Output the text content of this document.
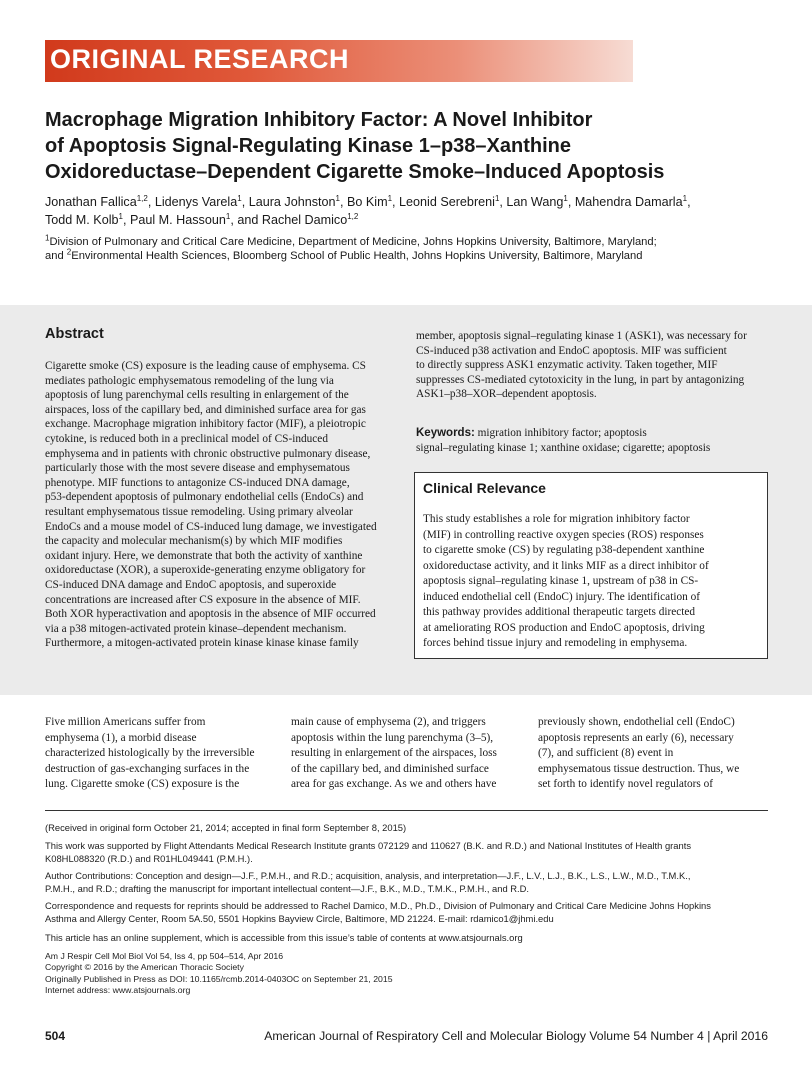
ORIGINAL RESEARCH
Macrophage Migration Inhibitory Factor: A Novel Inhibitor
of Apoptosis Signal-Regulating Kinase 1–p38–Xanthine
Oxidoreductase–Dependent Cigarette Smoke–Induced Apoptosis
Jonathan Fallica$^{1,2}$, Lidenys Varela$^1$, Laura Johnston$^1$, Bo Kim$^1$, Leonid Serebreni$^1$, Lan Wang$^1$, Mahendra Damarla$^1$,
Todd M. Kolb$^1$, Paul M. Hassoun$^1$, and Rachel Damico$^{1,2}$
$^1$Division of Pulmonary and Critical Care Medicine, Department of Medicine, Johns Hopkins University, Baltimore, Maryland;
and $^2$Environmental Health Sciences, Bloomberg School of Public Health, Johns Hopkins University, Baltimore, Maryland
Abstract
Cigarette smoke (CS) exposure is the leading cause of emphysema. CS
mediates pathologic emphysematous remodeling of the lung via
apoptosis of lung parenchymal cells resulting in enlargement of the
airspaces, loss of the capillary bed, and diminished surface area for gas
exchange. Macrophage migration inhibitory factor (MIF), a pleiotropic
cytokine, is reduced both in a preclinical model of CS-induced
emphysema and in patients with chronic obstructive pulmonary disease,
particularly those with the most severe disease and emphysematous
phenotype. MIF functions to antagonize CS-induced DNA damage,
p53-dependent apoptosis of pulmonary endothelial cells (EndoCs) and
resultant emphysematous tissue remodeling. Using primary alveolar
EndoCs and a mouse model of CS-induced lung damage, we investigated
the capacity and molecular mechanism(s) by which MIF modifies
oxidant injury. Here, we demonstrate that both the activity of xanthine
oxidoreductase (XOR), a superoxide-generating enzyme obligatory for
CS-induced DNA damage and EndoC apoptosis, and superoxide
concentrations are increased after CS exposure in the absence of MIF.
Both XOR hyperactivation and apoptosis in the absence of MIF occurred
via a p38 mitogen-activated protein kinase–dependent mechanism.
Furthermore, a mitogen-activated protein kinase kinase kinase family
member, apoptosis signal–regulating kinase 1 (ASK1), was necessary for
CS-induced p38 activation and EndoC apoptosis. MIF was sufficient
to directly suppress ASK1 enzymatic activity. Taken together, MIF
suppresses CS-mediated cytotoxicity in the lung, in part by antagonizing
ASK1–p38–XOR–dependent apoptosis.
Keywords: migration inhibitory factor; apoptosis
signal–regulating kinase 1; xanthine oxidase; cigarette; apoptosis
Clinical Relevance
This study establishes a role for migration inhibitory factor
(MIF) in controlling reactive oxygen species (ROS) responses
to cigarette smoke (CS) by regulating p38-dependent xanthine
oxidoreductase activity, and it links MIF as a direct inhibitor of
apoptosis signal–regulating kinase 1, upstream of p38 in CS-
induced endothelial cell (EndoC) injury. The identification of
this pathway provides additional therapeutic targets directed
at ameliorating ROS production and EndoC apoptosis, driving
forces behind tissue injury and remodeling in emphysema.
Five million Americans suffer from
emphysema (1), a morbid disease
characterized histologically by the irreversible
destruction of gas-exchanging surfaces in the
lung. Cigarette smoke (CS) exposure is the
main cause of emphysema (2), and triggers
apoptosis within the lung parenchyma (3–5),
resulting in enlargement of the airspaces, loss
of the capillary bed, and diminished surface
area for gas exchange. As we and others have
previously shown, endothelial cell (EndoC)
apoptosis represents an early (6), necessary
(7), and sufficient (8) event in
emphysematous tissue destruction. Thus, we
set forth to identify novel regulators of
(Received in original form October 21, 2014; accepted in final form September 8, 2015)
This work was supported by Flight Attendants Medical Research Institute grants 072129 and 110627 (B.K. and R.D.) and National Institutes of Health grants
K08HL088320 (R.D.) and R01HL049441 (P.M.H.).
Author Contributions: Conception and design—J.F., P.M.H., and R.D.; acquisition, analysis, and interpretation—J.F., L.V., L.J., B.K., L.S., L.W., M.D., T.M.K.,
P.M.H., and R.D.; drafting the manuscript for important intellectual content—J.F., B.K., M.D., T.M.K., P.M.H., and R.D.
Correspondence and requests for reprints should be addressed to Rachel Damico, M.D., Ph.D., Division of Pulmonary and Critical Care Medicine Johns Hopkins
Asthma and Allergy Center, Room 5A.50, 5501 Hopkins Bayview Circle, Baltimore, MD 21224. E-mail: rdamico1@jhmi.edu
This article has an online supplement, which is accessible from this issue’s table of contents at www.atsjournals.org
Am J Respir Cell Mol Biol Vol 54, Iss 4, pp 504–514, Apr 2016
Copyright © 2016 by the American Thoracic Society
Originally Published in Press as DOI: 10.1165/rcmb.2014-0403OC on September 21, 2015
Internet address: www.atsjournals.org
504	American Journal of Respiratory Cell and Molecular Biology Volume 54 Number 4 | April 2016
